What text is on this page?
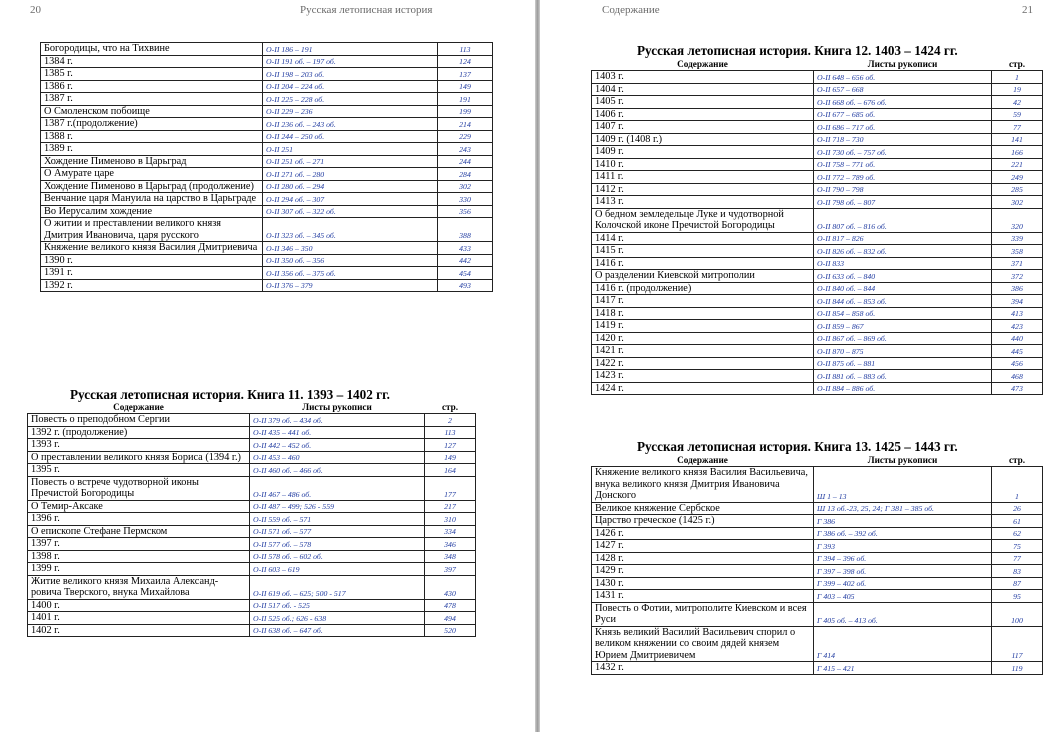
20	Русская летописная история
Богородицы, что на Тихвине	О-II 186 – 191	113
1384 г.	О-II 191 об. – 197 об.	124
1385 г.	О-II 198 – 203 об.	137
1386 г.	О-II 204 – 224 об.	149
1387 г.	О-II 225 – 228 об.	191
О Смоленском побоище	О-II 229 – 236	199
1387 г.(продолжение)	О-II 236 об. – 243 об.	214
1388 г.	О-II 244 – 250 об.	229
1389 г.	О-II 251	243
Хождение Пименово в Царьград	О-II 251 об. – 271	244
О Амурате царе	О-II 271 об. – 280	284
Хождение Пименово в Царьград (продолжение)	О-II 280 об. – 294	302
Венчание царя Мануила на царство в Царьграде	О-II 294 об. – 307	330
Во Иерусалим хождение	О-II 307 об. – 322 об.	356
О житии и преставлении великого князя Дмитрия Ивановича, царя русского	О-II 323 об. – 345 об.	388
Княжение великого князя Василия Дмитриевича	О-II 346 – 350	433
1390 г.	О-II 350 об. – 356	442
1391 г.	О-II 356 об. – 375 об.	454
1392 г.	О-II 376 – 379	493
Русская летописная история. Книга 11. 1393 – 1402 гг.
Содержание	Листы рукописи	стр.
Повесть о преподобном Сергии	О-II 379 об. – 434 об.	2
1392 г. (продолжение)	О-II 435 – 441 об.	113
1393 г.	О-II 442 – 452 об.	127
О преставлении великого князя Бориса (1394 г.)	О-II 453 – 460	149
1395 г.	О-II 460 об. – 466 об.	164
Повесть о встрече чудотворной иконы Пречистой Богородицы	О-II 467 – 486 об.	177
О Темир-Аксаке	О-II 487 – 499; 526 - 559	217
1396 г.	О-II 559 об. – 571	310
О епископе Стефане Пермском	О-II 571 об. – 577	334
1397 г.	О-II 577 об. – 578	346
1398 г.	О-II 578 об. – 602 об.	348
1399 г.	О-II 603 – 619	397
Житие великого князя Михаила Александ-ровича Тверского, внука Михайлова	О-II 619 об. – 625; 500 - 517	430
1400 г.	О-II 517 об. - 525	478
1401 г.	О-II 525 об.; 626 - 638	494
1402 г.	О-II 638 об. – 647 об.	520
Содержание	21
Русская летописная история. Книга 12. 1403 – 1424 гг.
Содержание	Листы рукописи	стр.
1403 г.	О-II 648 – 656 об.	1
1404 г.	О-II 657 – 668	19
1405 г.	О-II 668 об. – 676 об.	42
1406 г.	О-II 677 – 685 об.	59
1407 г.	О-II 686 – 717 об.	77
1409 г. (1408 г.)	О-II 718 – 730	141
1409 г.	О-II 730 об. – 757 об.	166
1410 г.	О-II 758 – 771 об.	221
1411 г.	О-II 772 – 789 об.	249
1412 г.	О-II 790 – 798	285
1413 г.	О-II 798 об. – 807	302
О бедном земледельце Луке и чудотворной Колочской иконе Пречистой Богородицы	О-II 807 об. – 816 об.	320
1414 г.	О-II 817 – 826	339
1415 г.	О-II 826 об. – 832 об.	358
1416 г.	О-II 833	371
О разделении Киевской митрополии	О-II 633 об. – 840	372
1416 г. (продолжение)	О-II 840 об. – 844	386
1417 г.	О-II 844 об. – 853 об.	394
1418 г.	О-II 854 – 858 об.	413
1419 г.	О-II 859 – 867	423
1420 г.	О-II 867 об. – 869 об.	440
1421 г.	О-II 870 – 875	445
1422 г.	О-II 875 об. – 881	456
1423 г.	О-II 881 об. – 883 об.	468
1424 г.	О-II 884 – 886 об.	473
Русская летописная история. Книга 13. 1425 – 1443 гг.
Содержание	Листы рукописи	стр.
Княжение великого князя Василия Васильевича, внука великого князя Дмитрия Ивановича Донского	Ш 1 – 13	1
Великое княжение Сербское	Ш 13 об.-23, 25, 24; Г 381 – 385 об.	26
Царство греческое (1425 г.)	Г 386	61
1426 г.	Г 386 об. – 392 об.	62
1427 г.	Г 393	75
1428 г.	Г 394 – 396 об.	77
1429 г.	Г 397 – 398 об.	83
1430 г.	Г 399 – 402 об.	87
1431 г.	Г 403 – 405	95
Повесть о Фотии, митрополите Киевском и всея Руси	Г 405 об. – 413 об.	100
Князь великий Василий Васильевич спорил о великом княжении со своим дядей князем Юрием Дмитриевичем	Г 414	117
1432 г.	Г 415 – 421	119
